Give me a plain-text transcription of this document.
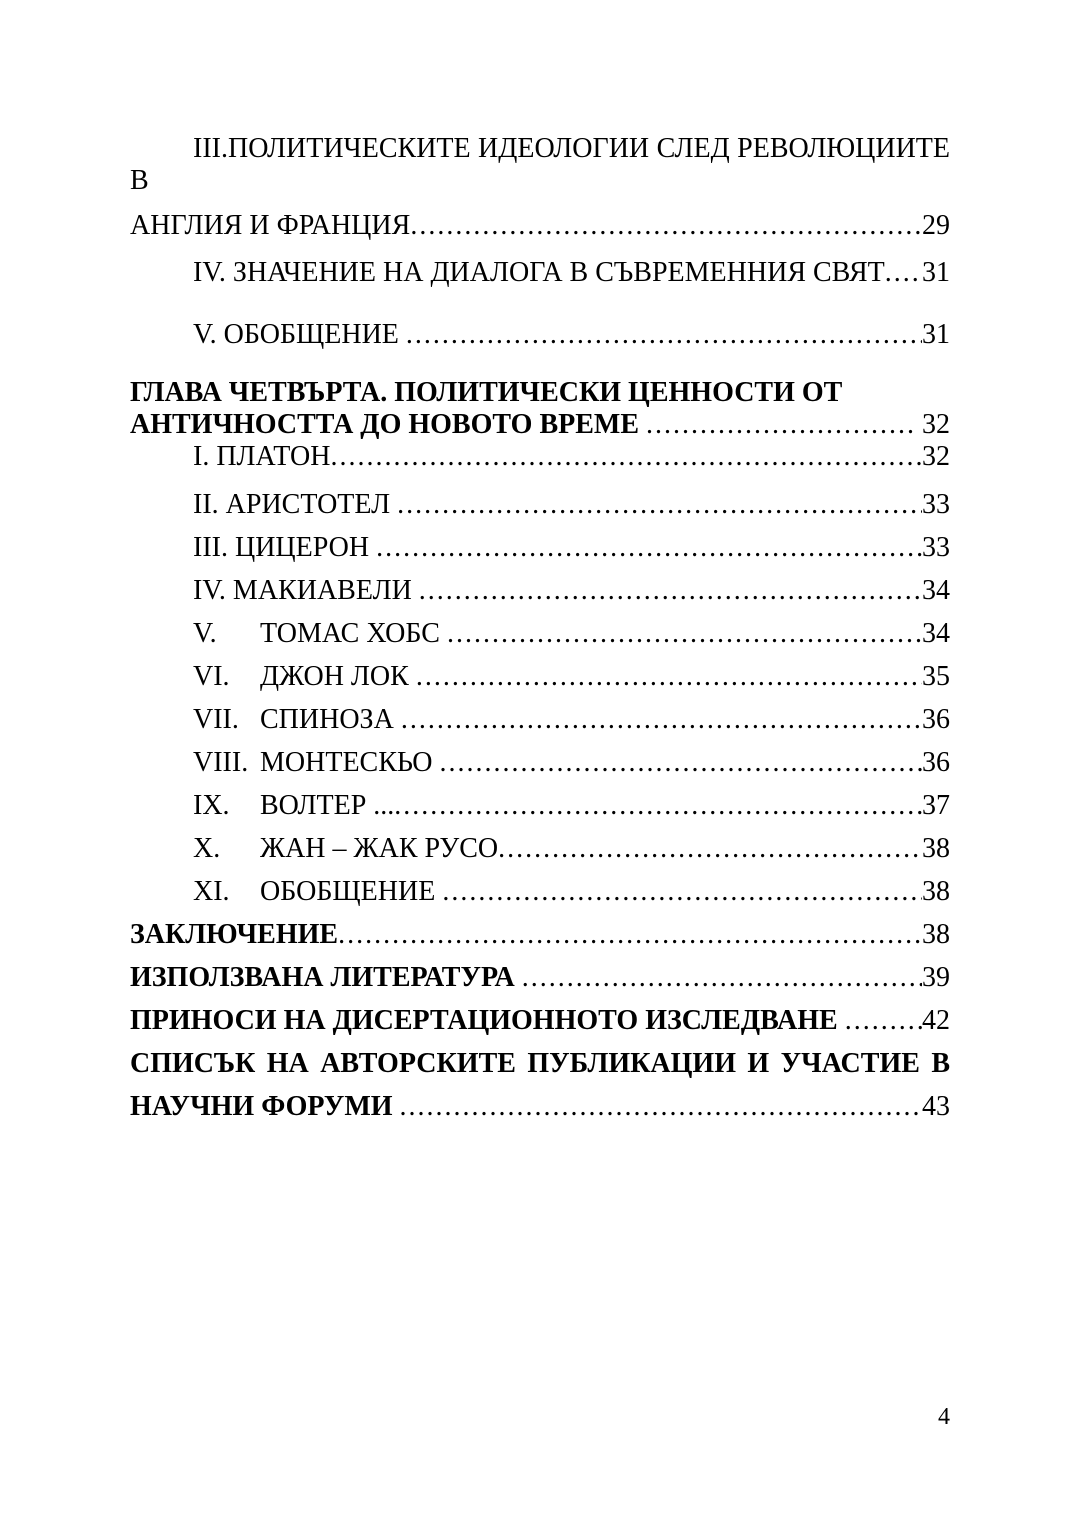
III.ПОЛИТИЧЕСКИТЕ ИДЕОЛОГИИ СЛЕД РЕВОЛЮЦИИТЕ В
АНГЛИЯ И ФРАНЦИЯ .....	29
IV. ЗНАЧЕНИЕ НА ДИАЛОГА В СЪВРЕМЕННИЯ СВЯТ ..... 31
V. ОБОБЩЕНИЕ .....	31
ГЛАВА ЧЕТВЪРТА. ПОЛИТИЧЕСКИ ЦЕННОСТИ ОТ
АНТИЧНОСТТА ДО НОВОТО ВРЕМЕ .....	32
I. ПЛАТОН .....	32
II. АРИСТОТЕЛ .....	33
III. ЦИЦЕРОН .....	33
IV. МАКИАВЕЛИ .....	34
V.	ТОМАС ХОБС .....	34
VI.	ДЖОН ЛОК .....	35
VII. СПИНОЗА .....	36
VIII. МОНТЕСКЬО .....	36
IX.	ВОЛТЕР ... .....	37
X.	ЖАН – ЖАК РУСО .....	38
XI.	ОБОБЩЕНИЕ .....	38
ЗАКЛЮЧЕНИЕ .....	38
ИЗПОЛЗВАНА ЛИТЕРАТУРА .....	39
ПРИНОСИ НА ДИСЕРТАЦИОННОТО ИЗСЛЕДВАНЕ .....	42
СПИСЪК НА АВТОРСКИТЕ ПУБЛИКАЦИИ И УЧАСТИЕ В
НАУЧНИ ФОРУМИ .....	43
4
